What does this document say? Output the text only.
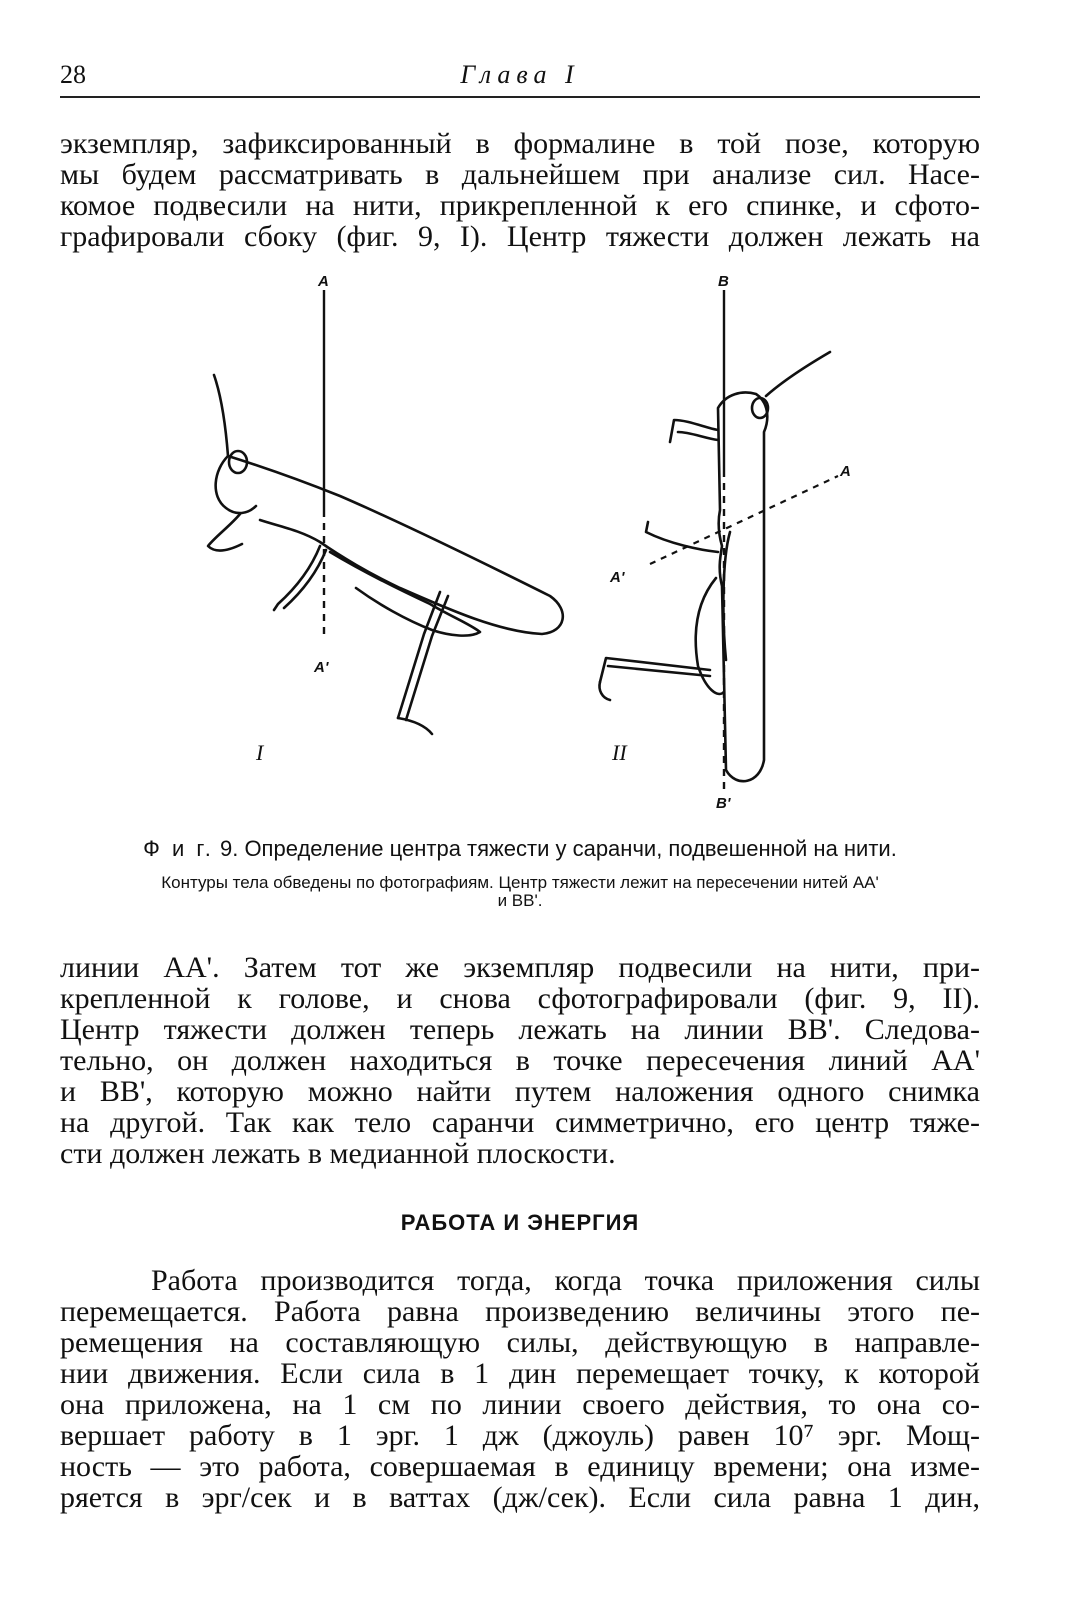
28	Глава I

экземпляр, зафиксированный в формалине в той позе, которую
мы будем рассматривать в дальнейшем при анализе сил. Насе-
комое подвесили на нити, прикрепленной к его спинке, и сфото-
графировали сбоку (фиг. 9, I). Центр тяжести должен лежать на

A
A'
I
B
B'
A'
A
II

Ф и г. 9. Определение центра тяжести у саранчи, подвешенной на нити.

Контуры тела обведены по фотографиям. Центр тяжести лежит на пересечении нитей AA'
и BB'.

линии AA'. Затем тот же экземпляр подвесили на нити, при-
крепленной к голове, и снова сфотографировали (фиг. 9, II).
Центр тяжести должен теперь лежать на линии BB'. Следова-
тельно, он должен находиться в точке пересечения линий AA'
и BB', которую можно найти путем наложения одного снимка
на другой. Так как тело саранчи симметрично, его центр тяже-
сти должен лежать в медианной плоскости.

РАБОТА И ЭНЕРГИЯ

Работа производится тогда, когда точка приложения силы
перемещается. Работа равна произведению величины этого пе-
ремещения на составляющую силы, действующую в направле-
нии движения. Если сила в 1 дин перемещает точку, к которой
она приложена, на 1 см по линии своего действия, то она со-
вершает работу в 1 эрг. 1 дж (джоуль) равен 10⁷ эрг. Мощ-
ность — это работа, совершаемая в единицу времени; она изме-
ряется в эрг/сек и в ваттах (дж/сек). Если сила равна 1 дин,
